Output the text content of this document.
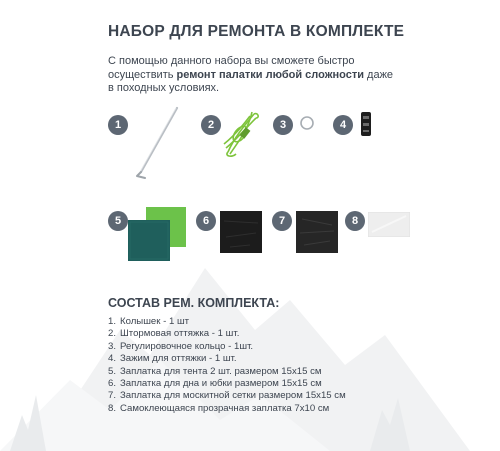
НАБОР ДЛЯ РЕМОНТА В КОМПЛЕКТЕ
С помощью данного набора вы сможете быстро осуществить ремонт палатки любой сложности даже в походных условиях.
1	2	3	4
5	6	7	8
СОСТАВ РЕМ. КОМПЛЕКТА:
1. Колышек - 1 шт
2. Штормовая оттяжка - 1 шт.
3. Регулировочное кольцо - 1шт.
4. Зажим для оттяжки - 1 шт.
5. Заплатка для тента 2 шт. размером 15х15 см
6. Заплатка для дна и юбки размером 15х15 см
7. Заплатка для москитной сетки размером 15х15 см
8. Самоклеющаяся прозрачная заплатка 7х10 см
